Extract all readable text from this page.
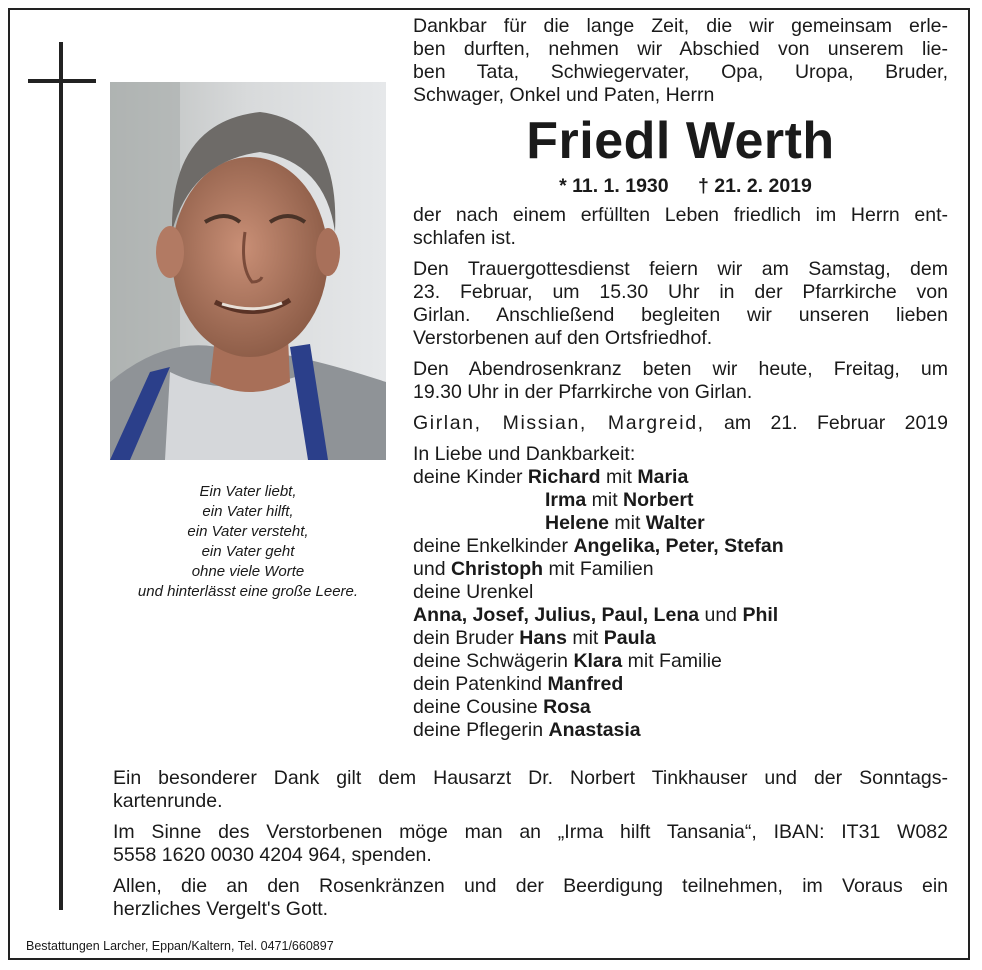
Ein Vater liebt,
ein Vater hilft,
ein Vater versteht,
ein Vater geht
ohne viele Worte
und hinterlässt eine große Leere.
Dankbar für die lange Zeit, die wir gemeinsam erle-
ben durften, nehmen wir Abschied von unserem lie-
ben Tata, Schwiegervater, Opa, Uropa, Bruder,
Schwager, Onkel und Paten, Herrn
Friedl Werth
* 11. 1. 1930 † 21. 2. 2019
der nach einem erfüllten Leben friedlich im Herrn ent-
schlafen ist.
Den Trauergottesdienst feiern wir am Samstag, dem
23. Februar, um 15.30 Uhr in der Pfarrkirche von
Girlan. Anschließend begleiten wir unseren lieben
Verstorbenen auf den Ortsfriedhof.
Den Abendrosenkranz beten wir heute, Freitag, um
19.30 Uhr in der Pfarrkirche von Girlan.
Girlan, Missian, Margreid, am 21. Februar 2019
In Liebe und Dankbarkeit:
deine Kinder Richard mit Maria
Irma mit Norbert
Helene mit Walter
deine Enkelkinder Angelika, Peter, Stefan
und Christoph mit Familien
deine Urenkel
Anna, Josef, Julius, Paul, Lena und Phil
dein Bruder Hans mit Paula
deine Schwägerin Klara mit Familie
dein Patenkind Manfred
deine Cousine Rosa
deine Pflegerin Anastasia
Ein besonderer Dank gilt dem Hausarzt Dr. Norbert Tinkhauser und der Sonntags-
kartenrunde.
Im Sinne des Verstorbenen möge man an „Irma hilft Tansania“, IBAN: IT31 W082
5558 1620 0030 4204 964, spenden.
Allen, die an den Rosenkränzen und der Beerdigung teilnehmen, im Voraus ein
herzliches Vergelt's Gott.
Bestattungen Larcher, Eppan/Kaltern, Tel. 0471/660897
